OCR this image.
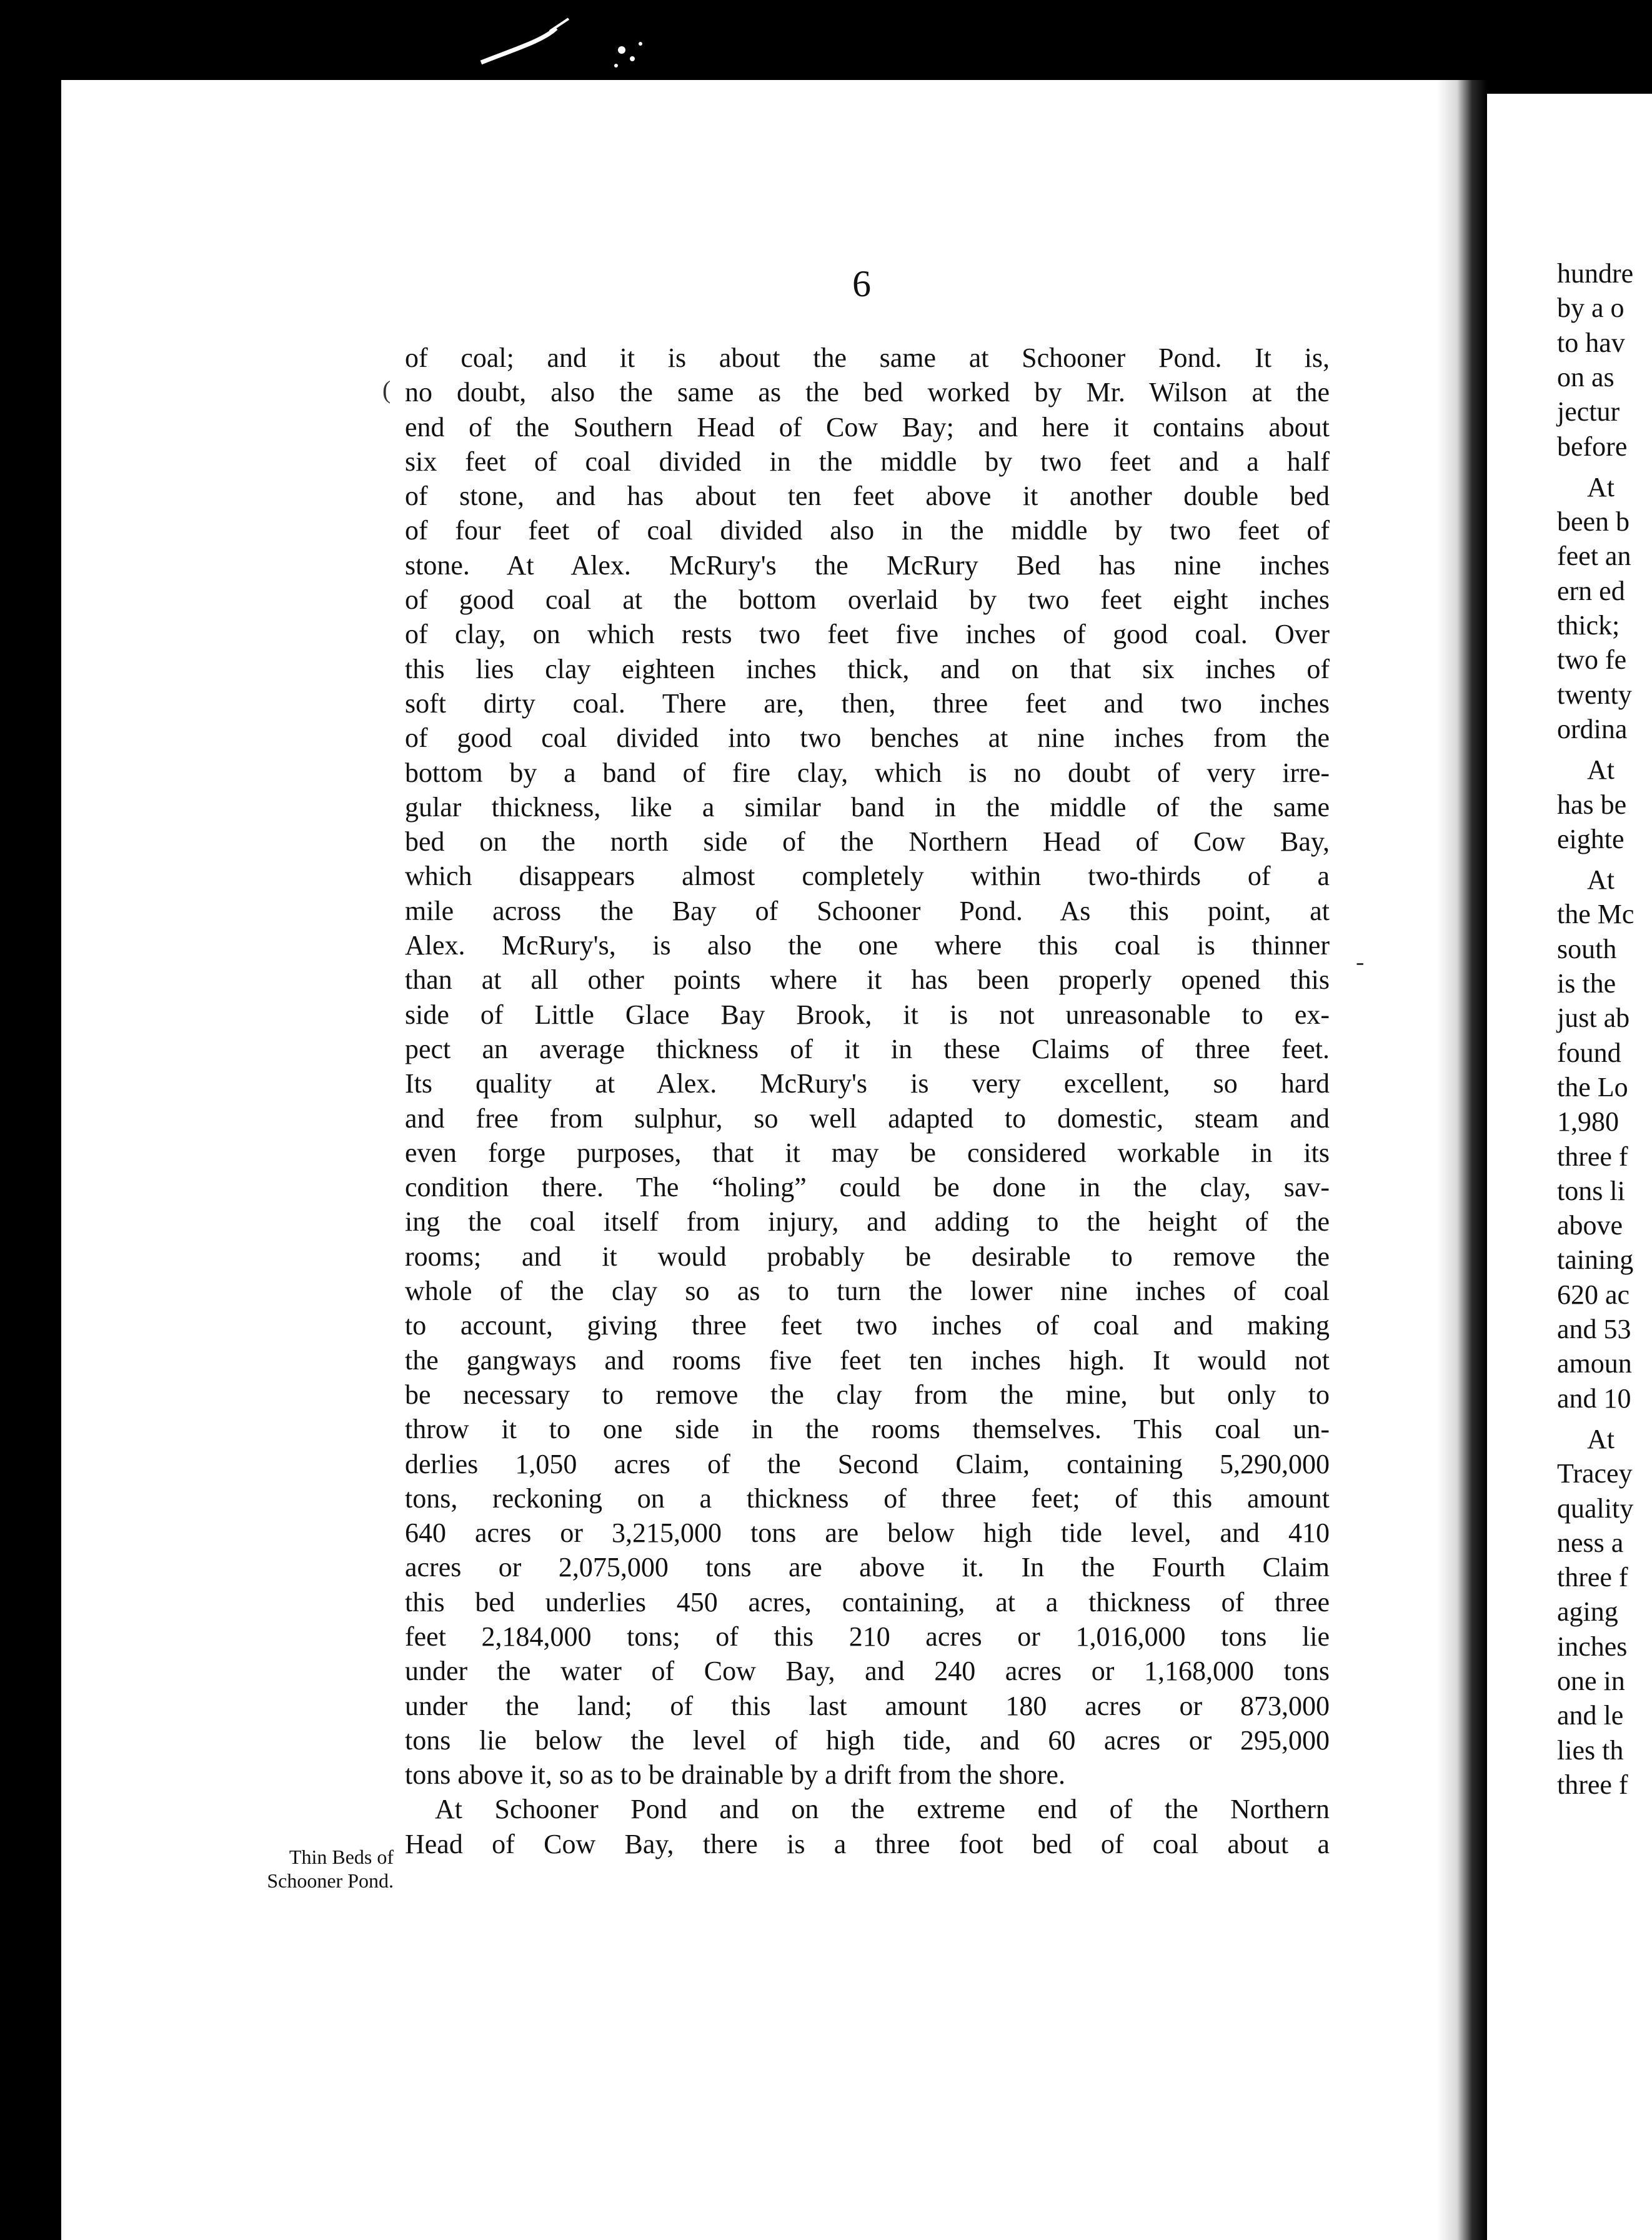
hundre
by a o
to hav
on as
jectur
before
At
been b
feet an
ern ed
thick;
two fe
twenty
ordina
At
has be
eighte
At
the Mc
south
is the
just ab
found
the Lo
1,980
three f
tons li
above
taining
620 ac
and 53
amoun
and 10
At
Tracey
quality
ness a
three f
aging
inches
one in
and le
lies th
three f
6
of coal; and it is about the same at Schooner Pond. It is,
no doubt, also the same as the bed worked by Mr. Wilson at the
end of the Southern Head of Cow Bay; and here it contains about
six feet of coal divided in the middle by two feet and a half
of stone, and has about ten feet above it another double bed
of four feet of coal divided also in the middle by two feet of
stone. At Alex. McRury's the McRury Bed has nine inches
of good coal at the bottom overlaid by two feet eight inches
of clay, on which rests two feet five inches of good coal. Over
this lies clay eighteen inches thick, and on that six inches of
soft dirty coal. There are, then, three feet and two inches
of good coal divided into two benches at nine inches from the
bottom by a band of fire clay, which is no doubt of very irre-
gular thickness, like a similar band in the middle of the same
bed on the north side of the Northern Head of Cow Bay,
which disappears almost completely within two-thirds of a
mile across the Bay of Schooner Pond. As this point, at
Alex. McRury's, is also the one where this coal is thinner
than at all other points where it has been properly opened this
side of Little Glace Bay Brook, it is not unreasonable to ex-
pect an average thickness of it in these Claims of three feet.
Its quality at Alex. McRury's is very excellent, so hard
and free from sulphur, so well adapted to domestic, steam and
even forge purposes, that it may be considered workable in its
condition there. The “holing” could be done in the clay, sav-
ing the coal itself from injury, and adding to the height of the
rooms; and it would probably be desirable to remove the
whole of the clay so as to turn the lower nine inches of coal
to account, giving three feet two inches of coal and making
the gangways and rooms five feet ten inches high. It would not
be necessary to remove the clay from the mine, but only to
throw it to one side in the rooms themselves. This coal un-
derlies 1,050 acres of the Second Claim, containing 5,290,000
tons, reckoning on a thickness of three feet; of this amount
640 acres or 3,215,000 tons are below high tide level, and 410
acres or 2,075,000 tons are above it. In the Fourth Claim
this bed underlies 450 acres, containing, at a thickness of three
feet 2,184,000 tons; of this 210 acres or 1,016,000 tons lie
under the water of Cow Bay, and 240 acres or 1,168,000 tons
under the land; of this last amount 180 acres or 873,000
tons lie below the level of high tide, and 60 acres or 295,000
tons above it, so as to be drainable by a drift from the shore.
At Schooner Pond and on the extreme end of the Northern
Head of Cow Bay, there is a three foot bed of coal about a
Thin Beds of
Schooner Pond.
(
-
